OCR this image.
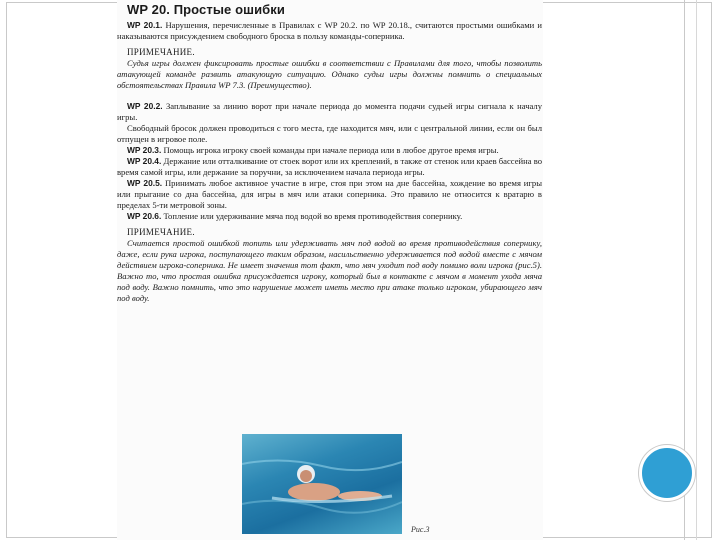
WP 20. Простые ошибки

WP 20.1. Нарушения, перечисленные в Правилах с WP 20.2. по WP 20.18., считаются простыми ошибками и наказываются присуждением свободного броска в пользу команды-соперника.

ПРИМЕЧАНИЕ.

Судья игры должен фиксировать простые ошибки в соответствии с Правилами для того, чтобы позволить атакующей команде развить атакующую ситуацию. Однако судьи игры должны помнить о специальных обстоятельствах Правила WP 7.3. (Преимущество).

WP 20.2. Заплывание за линию ворот при начале периода до момента подачи судьей игры сигнала к началу игры.

Свободный бросок должен проводиться с того места, где находится мяч, или с центральной линии, если он был отпущен в игровое поле.

WP 20.3. Помощь игрока игроку своей команды при начале периода или в любое другое время игры.

WP 20.4. Держание или отталкивание от стоек ворот или их креплений, в также от стенок или краев бассейна во время самой игры, или держание за поручни, за исключением начала периода игры.

WP 20.5. Принимать любое активное участие в игре, стоя при этом на дне бассейна, хождение во время игры или прыгание со дна бассейна, для игры в мяч или атаки соперника. Это правило не относится к вратарю в пределах 5-ти метровой зоны.

WP 20.6. Топление или удерживание мяча под водой во время противодействия сопернику.

ПРИМЕЧАНИЕ.

Считается простой ошибкой топить или удерживать мяч под водой во время противодействия сопернику, даже, если рука игрока, поступающего таким образом, насильственно удерживается под водой вместе с мячом действием игрока-соперника. Не имеет значения тот факт, что мяч уходит под воду помимо воли игрока (рис.5). Важно то, что простая ошибка присуждается игроку, который был в контакте с мячом в момент ухода мяча под воду. Важно помнить, что это нарушение может иметь место при атаке только игроком, убирающего мяч под воду.

Рис.3
